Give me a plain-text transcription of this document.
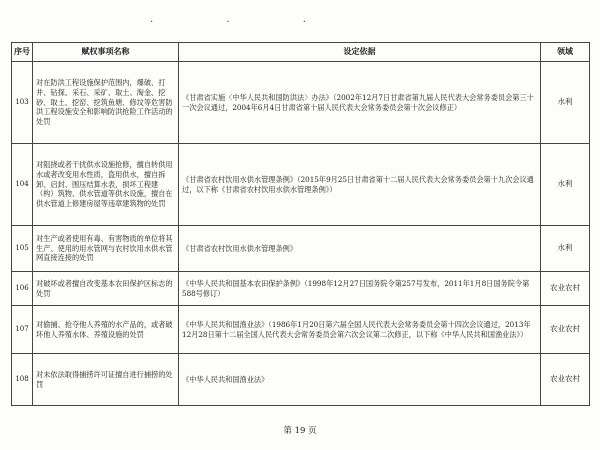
. . .
序号	赋权事项名称	设定依据	领域
103	对在防洪工程设施保护范围内，爆破、打井、钻探、采石、采矿、取土、淘金、挖砂、取土、挖窑、挖筑鱼塘、修坟等危害防洪工程设施安全和影响防洪抢险工作活动的处罚	《甘肃省实施〈中华人民共和国防洪法〉办法》（2002年12月7日甘肃省第九届人民代表大会常务委员会第三十一次会议通过，2004年6月4日甘肃省第十届人民代表大会常务委员会第十次会议修正）	水利
104	对阻挠或者干扰供水设施抢修，擅自转供用水或者改变用水性质，盗用供水，擅自拆卸、启封、围压结算水表，损坏工程建（构）筑物、供水管道等供水设施，擅自在供水管道上修建房屋等违章建筑物的处罚	《甘肃省农村饮用水供水管理条例》（2015年9月25日甘肃省第十二届人民代表大会常务委员会第十九次会议通过，以下称《甘肃省农村饮用水供水管理条例》）	水利
105	对生产或者使用有毒、有害物质的单位将其生产、使用的用水管网与农村饮用水供水管网直接连接的处罚	《甘肃省农村饮用水供水管理条例》	水利
106	对破坏或者擅自改变基本农田保护区标志的处罚	《中华人民共和国基本农田保护条例》（1998年12月27日国务院令第257号发布，2011年1月8日国务院令第588号修订）	农业农村
107	对偷捕、抢夺他人养殖的水产品的，或者破坏他人养殖水体、养殖设施的处罚	《中华人民共和国渔业法》（1986年1月20日第六届全国人民代表大会常务委员会第十四次会议通过，2013年12月28日第十二届全国人民代表大会常务委员会第六次会议第二次修正，以下称《中华人民共和国渔业法》）	农业农村
108	对未依法取得捕捞许可证擅自进行捕捞的处罚	《中华人民共和国渔业法》	农业农村
第 19 页
